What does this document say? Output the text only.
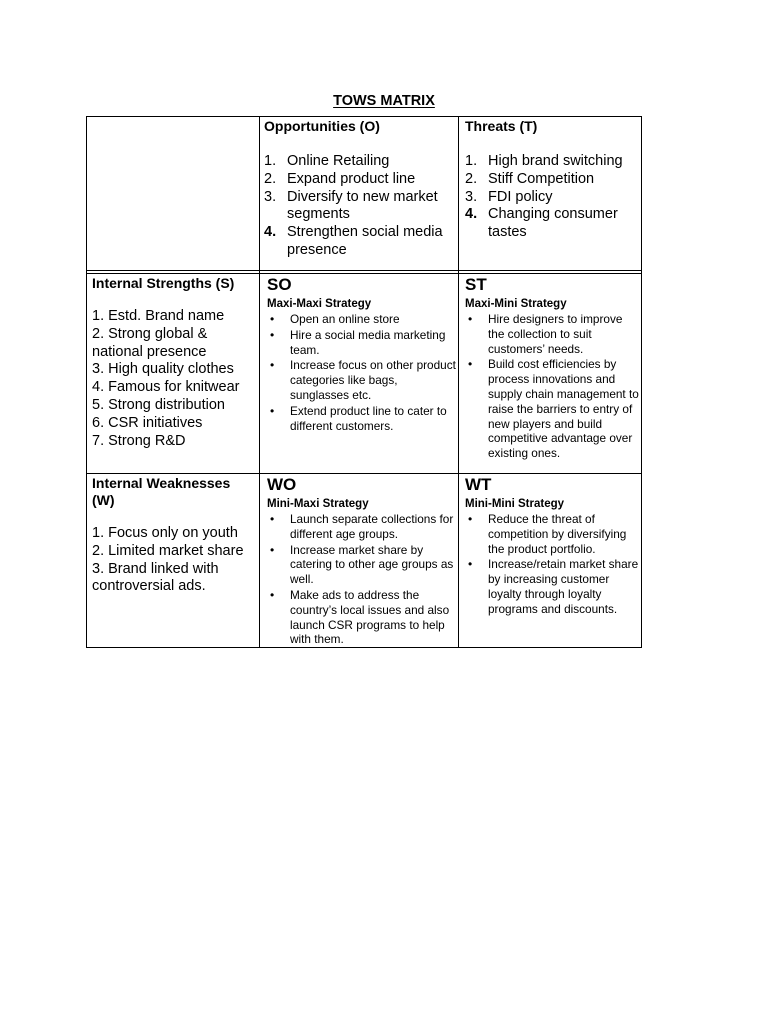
TOWS MATRIX
Opportunities (O)
1. Online Retailing
2. Expand product line
3. Diversify to new market segments
4. Strengthen social media presence
Threats (T)
1. High brand switching
2. Stiff Competition
3. FDI policy
4. Changing consumer tastes
Internal Strengths (S)
1. Estd. Brand name
2. Strong global & national presence
3. High quality clothes
4. Famous for knitwear
5. Strong distribution
6. CSR initiatives
7. Strong R&D
SO
Maxi-Maxi Strategy
• Open an online store
• Hire a social media marketing team.
• Increase focus on other product categories like bags, sunglasses etc.
• Extend product line to cater to different customers.
ST
Maxi-Mini Strategy
• Hire designers to improve the collection to suit customers’ needs.
• Build cost efficiencies by process innovations and supply chain management to raise the barriers to entry of new players and build competitive advantage over existing ones.
Internal Weaknesses (W)
1. Focus only on youth
2. Limited market share
3. Brand linked with controversial ads.
WO
Mini-Maxi Strategy
• Launch separate collections for different age groups.
• Increase market share by catering to other age groups as well.
• Make ads to address the country’s local issues and also launch CSR programs to help with them.
WT
Mini-Mini Strategy
• Reduce the threat of competition by diversifying the product portfolio.
• Increase/retain market share by increasing customer loyalty through loyalty programs and discounts.
